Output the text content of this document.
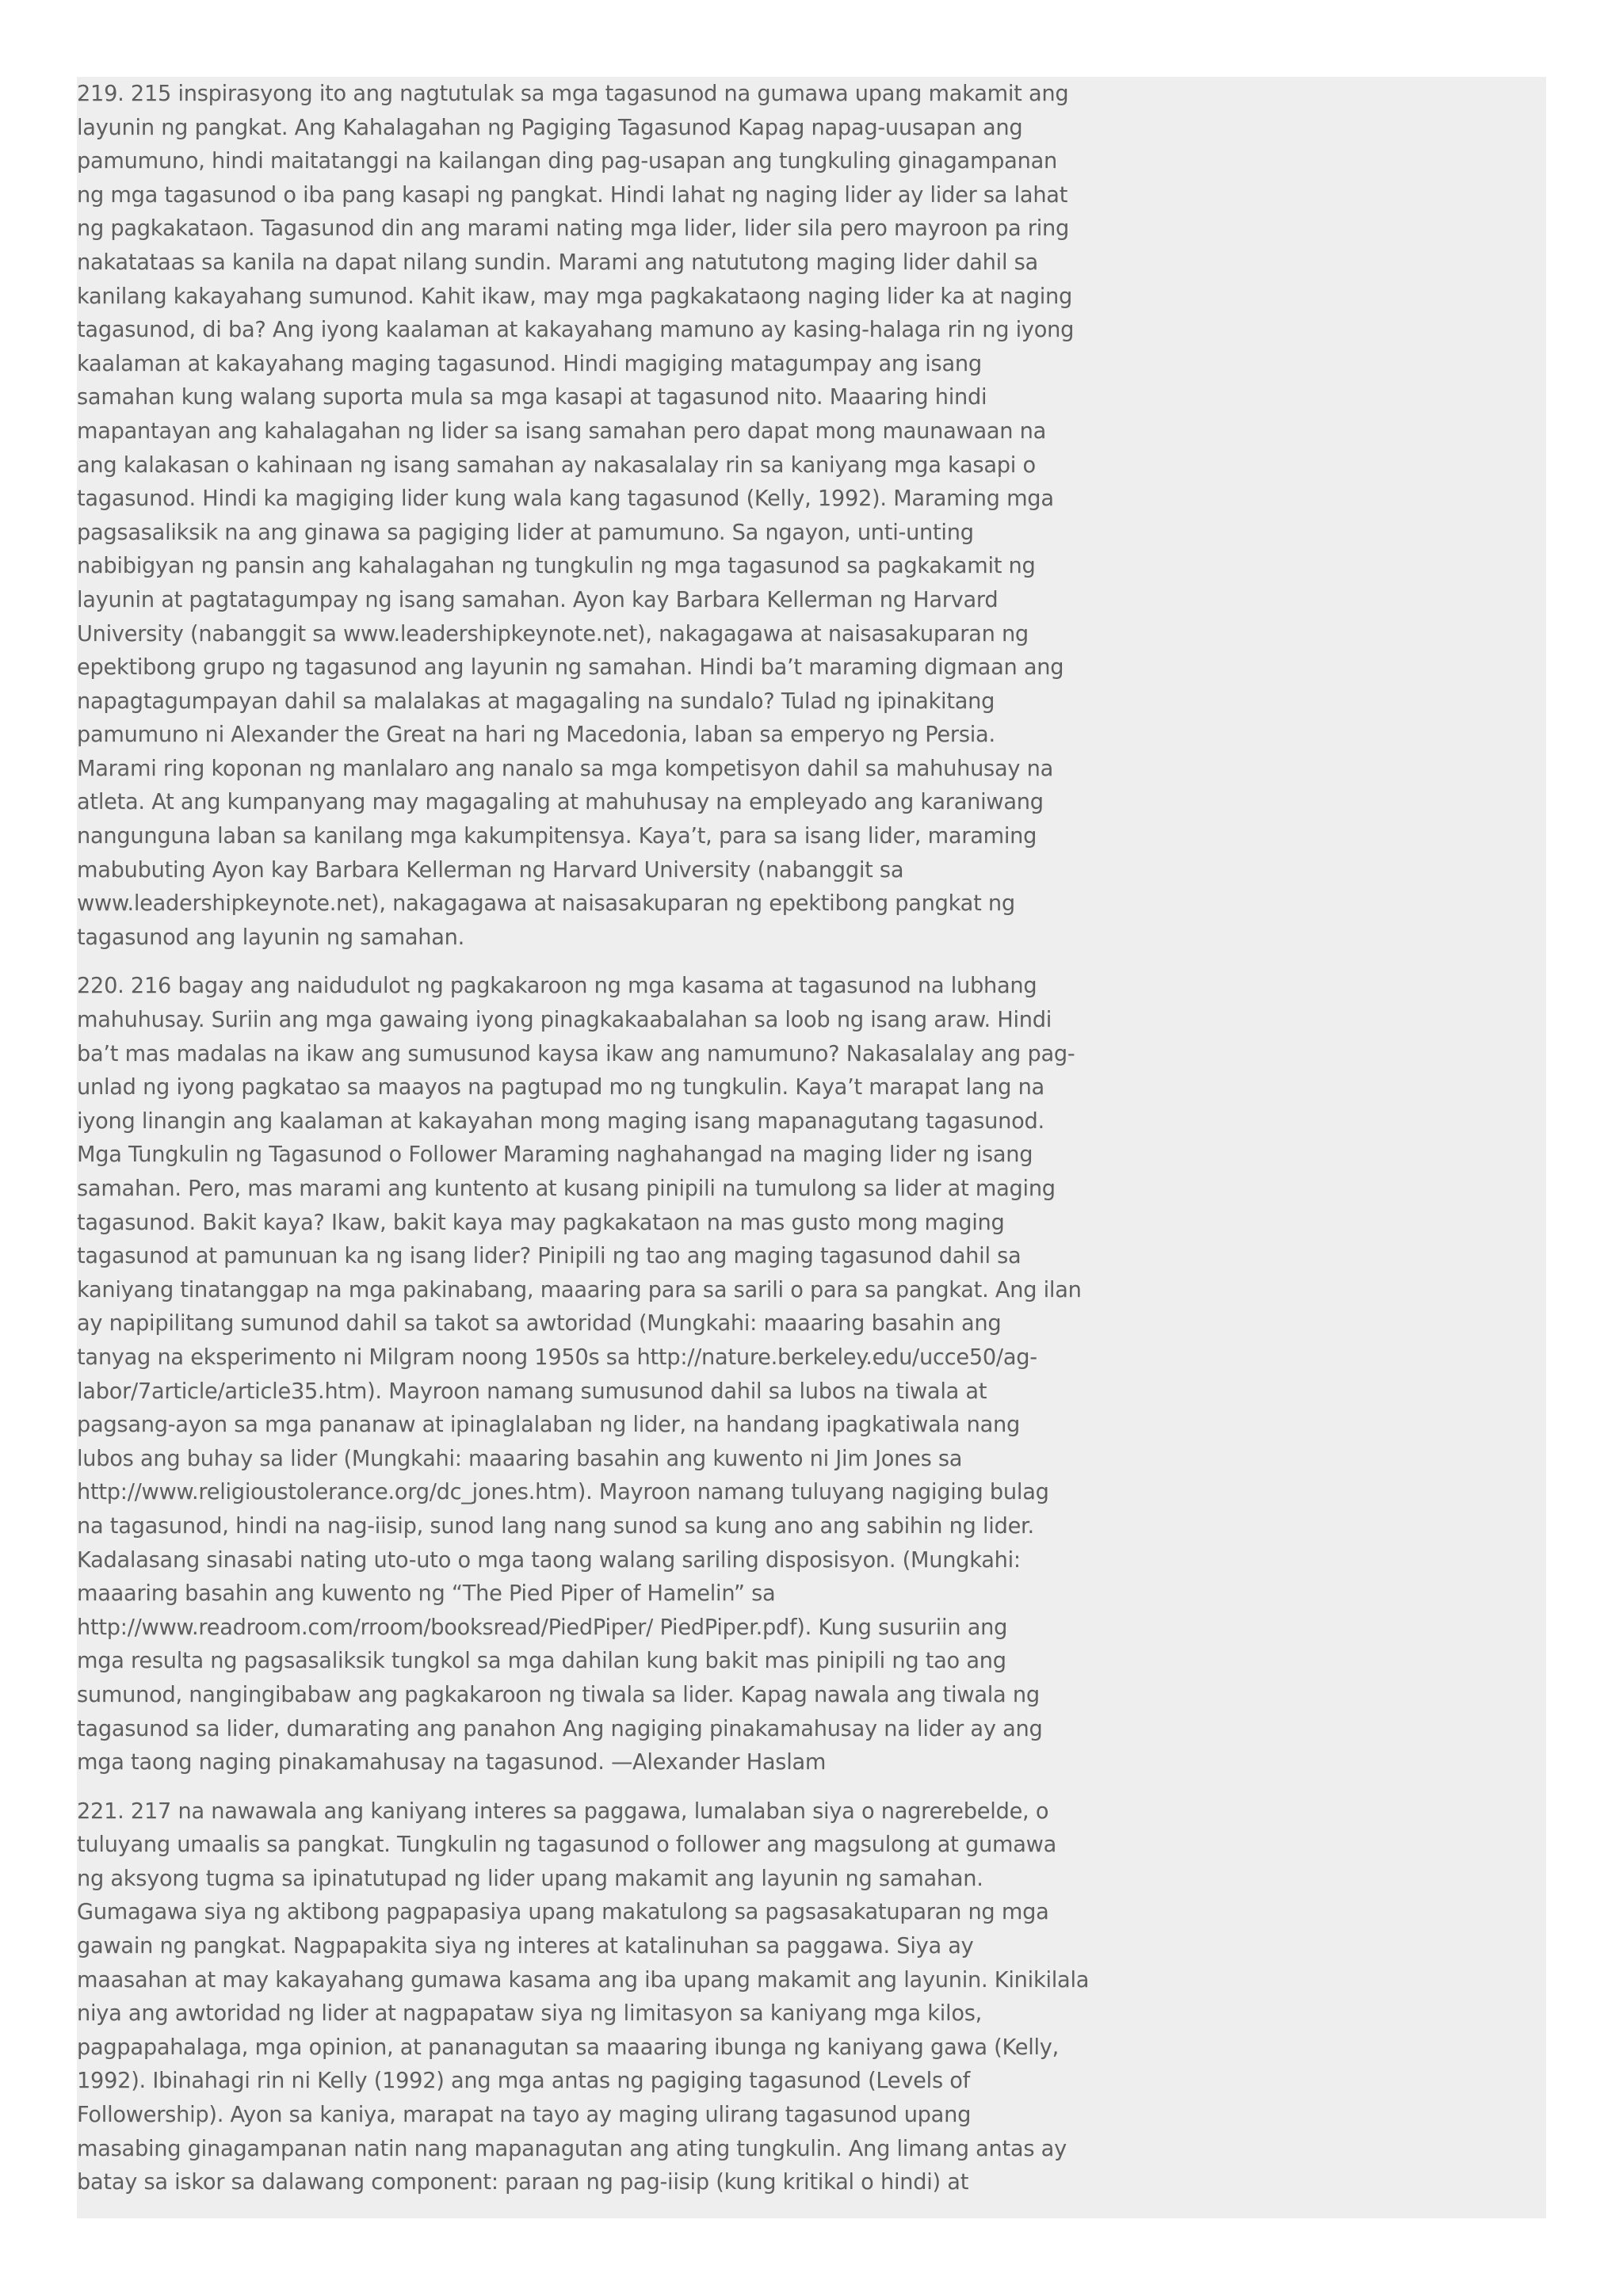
219. 215 inspirasyong ito ang nagtutulak sa mga tagasunod na gumawa upang makamit ang
layunin ng pangkat. Ang Kahalagahan ng Pagiging Tagasunod Kapag napag-uusapan ang
pamumuno, hindi maitatanggi na kailangan ding pag-usapan ang tungkuling ginagampanan
ng mga tagasunod o iba pang kasapi ng pangkat. Hindi lahat ng naging lider ay lider sa lahat
ng pagkakataon. Tagasunod din ang marami nating mga lider, lider sila pero mayroon pa ring
nakatataas sa kanila na dapat nilang sundin. Marami ang natututong maging lider dahil sa
kanilang kakayahang sumunod. Kahit ikaw, may mga pagkakataong naging lider ka at naging
tagasunod, di ba? Ang iyong kaalaman at kakayahang mamuno ay kasing-halaga rin ng iyong
kaalaman at kakayahang maging tagasunod. Hindi magiging matagumpay ang isang
samahan kung walang suporta mula sa mga kasapi at tagasunod nito. Maaaring hindi
mapantayan ang kahalagahan ng lider sa isang samahan pero dapat mong maunawaan na
ang kalakasan o kahinaan ng isang samahan ay nakasalalay rin sa kaniyang mga kasapi o
tagasunod. Hindi ka magiging lider kung wala kang tagasunod (Kelly, 1992). Maraming mga
pagsasaliksik na ang ginawa sa pagiging lider at pamumuno. Sa ngayon, unti-unting
nabibigyan ng pansin ang kahalagahan ng tungkulin ng mga tagasunod sa pagkakamit ng
layunin at pagtatagumpay ng isang samahan. Ayon kay Barbara Kellerman ng Harvard
University (nabanggit sa www.leadershipkeynote.net), nakagagawa at naisasakuparan ng
epektibong grupo ng tagasunod ang layunin ng samahan. Hindi ba’t maraming digmaan ang
napagtagumpayan dahil sa malalakas at magagaling na sundalo? Tulad ng ipinakitang
pamumuno ni Alexander the Great na hari ng Macedonia, laban sa emperyo ng Persia.
Marami ring koponan ng manlalaro ang nanalo sa mga kompetisyon dahil sa mahuhusay na
atleta. At ang kumpanyang may magagaling at mahuhusay na empleyado ang karaniwang
nangunguna laban sa kanilang mga kakumpitensya. Kaya’t, para sa isang lider, maraming
mabubuting Ayon kay Barbara Kellerman ng Harvard University (nabanggit sa
www.leadershipkeynote.net), nakagagawa at naisasakuparan ng epektibong pangkat ng
tagasunod ang layunin ng samahan.
220. 216 bagay ang naidudulot ng pagkakaroon ng mga kasama at tagasunod na lubhang
mahuhusay. Suriin ang mga gawaing iyong pinagkakaabalahan sa loob ng isang araw. Hindi
ba’t mas madalas na ikaw ang sumusunod kaysa ikaw ang namumuno? Nakasalalay ang pag-
unlad ng iyong pagkatao sa maayos na pagtupad mo ng tungkulin. Kaya’t marapat lang na
iyong linangin ang kaalaman at kakayahan mong maging isang mapanagutang tagasunod.
Mga Tungkulin ng Tagasunod o Follower Maraming naghahangad na maging lider ng isang
samahan. Pero, mas marami ang kuntento at kusang pinipili na tumulong sa lider at maging
tagasunod. Bakit kaya? Ikaw, bakit kaya may pagkakataon na mas gusto mong maging
tagasunod at pamunuan ka ng isang lider? Pinipili ng tao ang maging tagasunod dahil sa
kaniyang tinatanggap na mga pakinabang, maaaring para sa sarili o para sa pangkat. Ang ilan
ay napipilitang sumunod dahil sa takot sa awtoridad (Mungkahi: maaaring basahin ang
tanyag na eksperimento ni Milgram noong 1950s sa http://nature.berkeley.edu/ucce50/ag-
labor/7article/article35.htm). Mayroon namang sumusunod dahil sa lubos na tiwala at
pagsang-ayon sa mga pananaw at ipinaglalaban ng lider, na handang ipagkatiwala nang
lubos ang buhay sa lider (Mungkahi: maaaring basahin ang kuwento ni Jim Jones sa
http://www.religioustolerance.org/dc_jones.htm). Mayroon namang tuluyang nagiging bulag
na tagasunod, hindi na nag-iisip, sunod lang nang sunod sa kung ano ang sabihin ng lider.
Kadalasang sinasabi nating uto-uto o mga taong walang sariling disposisyon. (Mungkahi:
maaaring basahin ang kuwento ng “The Pied Piper of Hamelin” sa
http://www.readroom.com/rroom/booksread/PiedPiper/ PiedPiper.pdf). Kung susuriin ang
mga resulta ng pagsasaliksik tungkol sa mga dahilan kung bakit mas pinipili ng tao ang
sumunod, nangingibabaw ang pagkakaroon ng tiwala sa lider. Kapag nawala ang tiwala ng
tagasunod sa lider, dumarating ang panahon Ang nagiging pinakamahusay na lider ay ang
mga taong naging pinakamahusay na tagasunod. —Alexander Haslam
221. 217 na nawawala ang kaniyang interes sa paggawa, lumalaban siya o nagrerebelde, o
tuluyang umaalis sa pangkat. Tungkulin ng tagasunod o follower ang magsulong at gumawa
ng aksyong tugma sa ipinatutupad ng lider upang makamit ang layunin ng samahan.
Gumagawa siya ng aktibong pagpapasiya upang makatulong sa pagsasakatuparan ng mga
gawain ng pangkat. Nagpapakita siya ng interes at katalinuhan sa paggawa. Siya ay
maasahan at may kakayahang gumawa kasama ang iba upang makamit ang layunin. Kinikilala
niya ang awtoridad ng lider at nagpapataw siya ng limitasyon sa kaniyang mga kilos,
pagpapahalaga, mga opinion, at pananagutan sa maaaring ibunga ng kaniyang gawa (Kelly,
1992). Ibinahagi rin ni Kelly (1992) ang mga antas ng pagiging tagasunod (Levels of
Followership). Ayon sa kaniya, marapat na tayo ay maging ulirang tagasunod upang
masabing ginagampanan natin nang mapanagutan ang ating tungkulin. Ang limang antas ay
batay sa iskor sa dalawang component: paraan ng pag-iisip (kung kritikal o hindi) at
